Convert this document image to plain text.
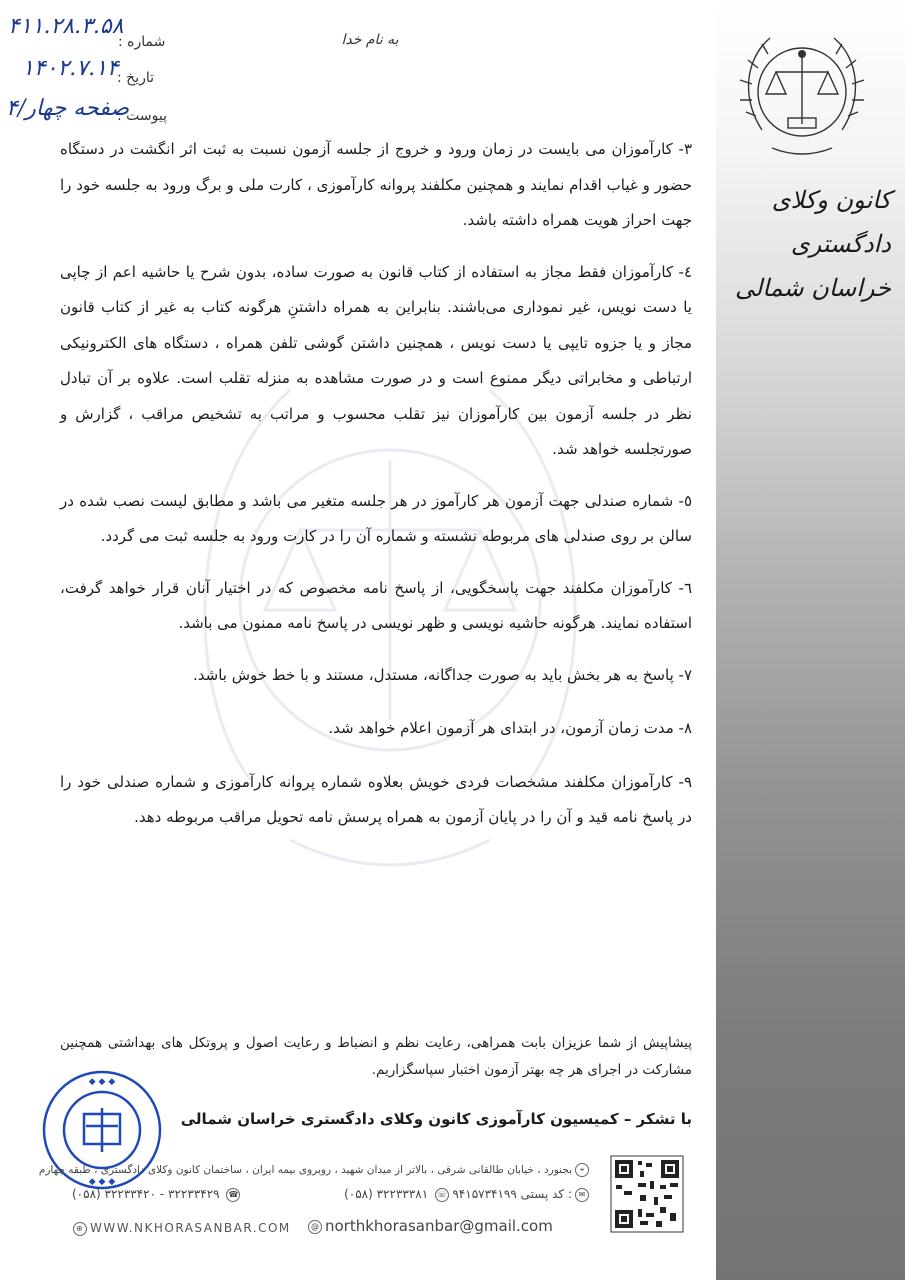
کانون وکلای دادگستری
خراسان شمالی
شماره :
۴۱۱.۲۸.۳.۵۸
تاریخ :
۱۴۰۲.۷.۱۴
پیوست :
صفحه چهار/۴
به نام خدا

۳- کارآموزان می بایست در زمان ورود و خروج از جلسه آزمون نسبت به ثبت اثر انگشت در دستگاه حضور و غیاب اقدام نمایند و همچنین مکلفند پروانه کارآموزی ، کارت ملی و برگ ورود به جلسه خود را جهت احراز هویت همراه داشته باشد.

٤- کارآموزان فقط مجاز به استفاده از کتاب قانون به صورت ساده، بدون شرح یا حاشیه اعم از چاپی یا دست نویس، غیر نموداری می‌باشند. بنابراین به همراه داشتنِ هرگونه کتاب به غیر از کتاب قانون مجاز و یا جزوه تایپی یا دست نویس ، همچنین داشتن گوشی تلفن همراه ، دستگاه های الکترونیکی ارتباطی و مخابراتی دیگر ممنوع است و در صورت مشاهده به منزله تقلب است. علاوه بر آن تبادل نظر در جلسه آزمون بین کارآموزان نیز تقلب محسوب و مراتب به تشخیص مراقب ، گزارش و صورتجلسه خواهد شد.

٥- شماره صندلی جهت آزمون هر کارآموز در هر جلسه متغیر می باشد و مطابق لیست نصب شده در سالن بر روی صندلی های مربوطه نشسته و شماره آن را در کارت ورود به جلسه ثبت می گردد.

٦- کارآموزان مکلفند جهت پاسخگویی، از پاسخ نامه مخصوص که در اختیار آنان قرار خواهد گرفت، استفاده نمایند. هرگونه حاشیه نویسی و ظهر نویسی در پاسخ نامه ممنون می باشد.

٧- پاسخ به هر بخش باید به صورت جداگانه، مستدل، مستند و با خط خوش باشد.

٨- مدت زمان آزمون، در ابتدای هر آزمون اعلام خواهد شد.

٩- کارآموزان مکلفند مشخصات فردی خویش بعلاوه شماره پروانه کارآموزی و شماره صندلی خود را در پاسخ نامه قید و آن را در پایان آزمون به همراه پرسش نامه تحویل مراقب مربوطه دهد.

پیشاپیش از شما عزیزان بابت همراهی، رعایت نظم و انضباط و رعایت اصول و پروتکل های بهداشتی همچنین مشارکت در اجرای هر چه بهتر آزمون اختبار سپاسگزاریم.
با تشکر – کمیسیون کارآموزی کانون وکلای دادگستری خراسان شمالی
◆ ◆ ◆
◆ ◆ ◆
⌖بجنورد ، خیابان طالقانی شرقی ، بالاتر از میدان شهید ، روبروی بیمه ایران ، ساختمان کانون وکلای دادگستری ، طبقه چهارم
۹۴۱۵۷۳۴۱۹۹ کد پستی : ✉
(۰۵۸) ۳۲۲۳۳۳۸۱ ☏
(۰۵۸) ۳۲۲۳۳۴۲۰ - ۳۲۲۳۳۴۲۹ ☎
⊕ WWW.NKHORASANBAR.COM	@ northkhorasanbar@gmail.com
